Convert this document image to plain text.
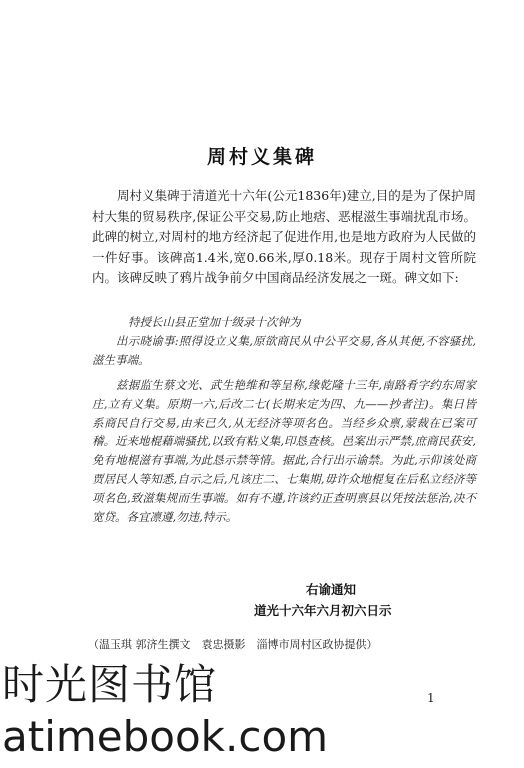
周村义集碑

周村义集碑于清道光十六年(公元1836年)建立,目的是为了保护周村大集的贸易秩序,保证公平交易,防止地痞、恶棍滋生事端扰乱市场。此碑的树立,对周村的地方经济起了促进作用,也是地方政府为人民做的一件好事。该碑高1.4米,宽0.66米,厚0.18米。现存于周村文管所院内。该碑反映了鸦片战争前夕中国商品经济发展之一斑。碑文如下:

特授长山县正堂加十级录十次钟为

出示晓谕事:照得设立义集,原欲商民从中公平交易,各从其便,不容骚扰,滋生事端。

兹据监生蔡文光、武生艳维和等呈称,缘乾隆十三年,南路肴字约东周家庄,立有义集。原期一六,后改二七(长期来定为四、九——抄者注)。集日皆系商民自行交易,由来已久,从无经济等项名色。当经乡众禀,蒙裁在已案可稽。近来地棍藉端骚扰,以致有粘义集,印恳查核。邑案出示严禁,庶商民获安,免有地棍滋有事端,为此恳示禁等情。据此,合行出示谕禁。为此,示仰该处商贾居民人等知悉,自示之后,凡该庄二、七集期,毋许众地棍复在后私立经济等项名色,致滋集规而生事端。如有不遵,许该约正查明禀县以凭按法惩治,决不宽贷。各宜凛遵,勿违,特示。

右谕通知
道光十六年六月初六日示
（温玉琪 郭济生撰文　袁忠摄影　淄博市周村区政协提供）
1
时光图书馆
atimebook.com
